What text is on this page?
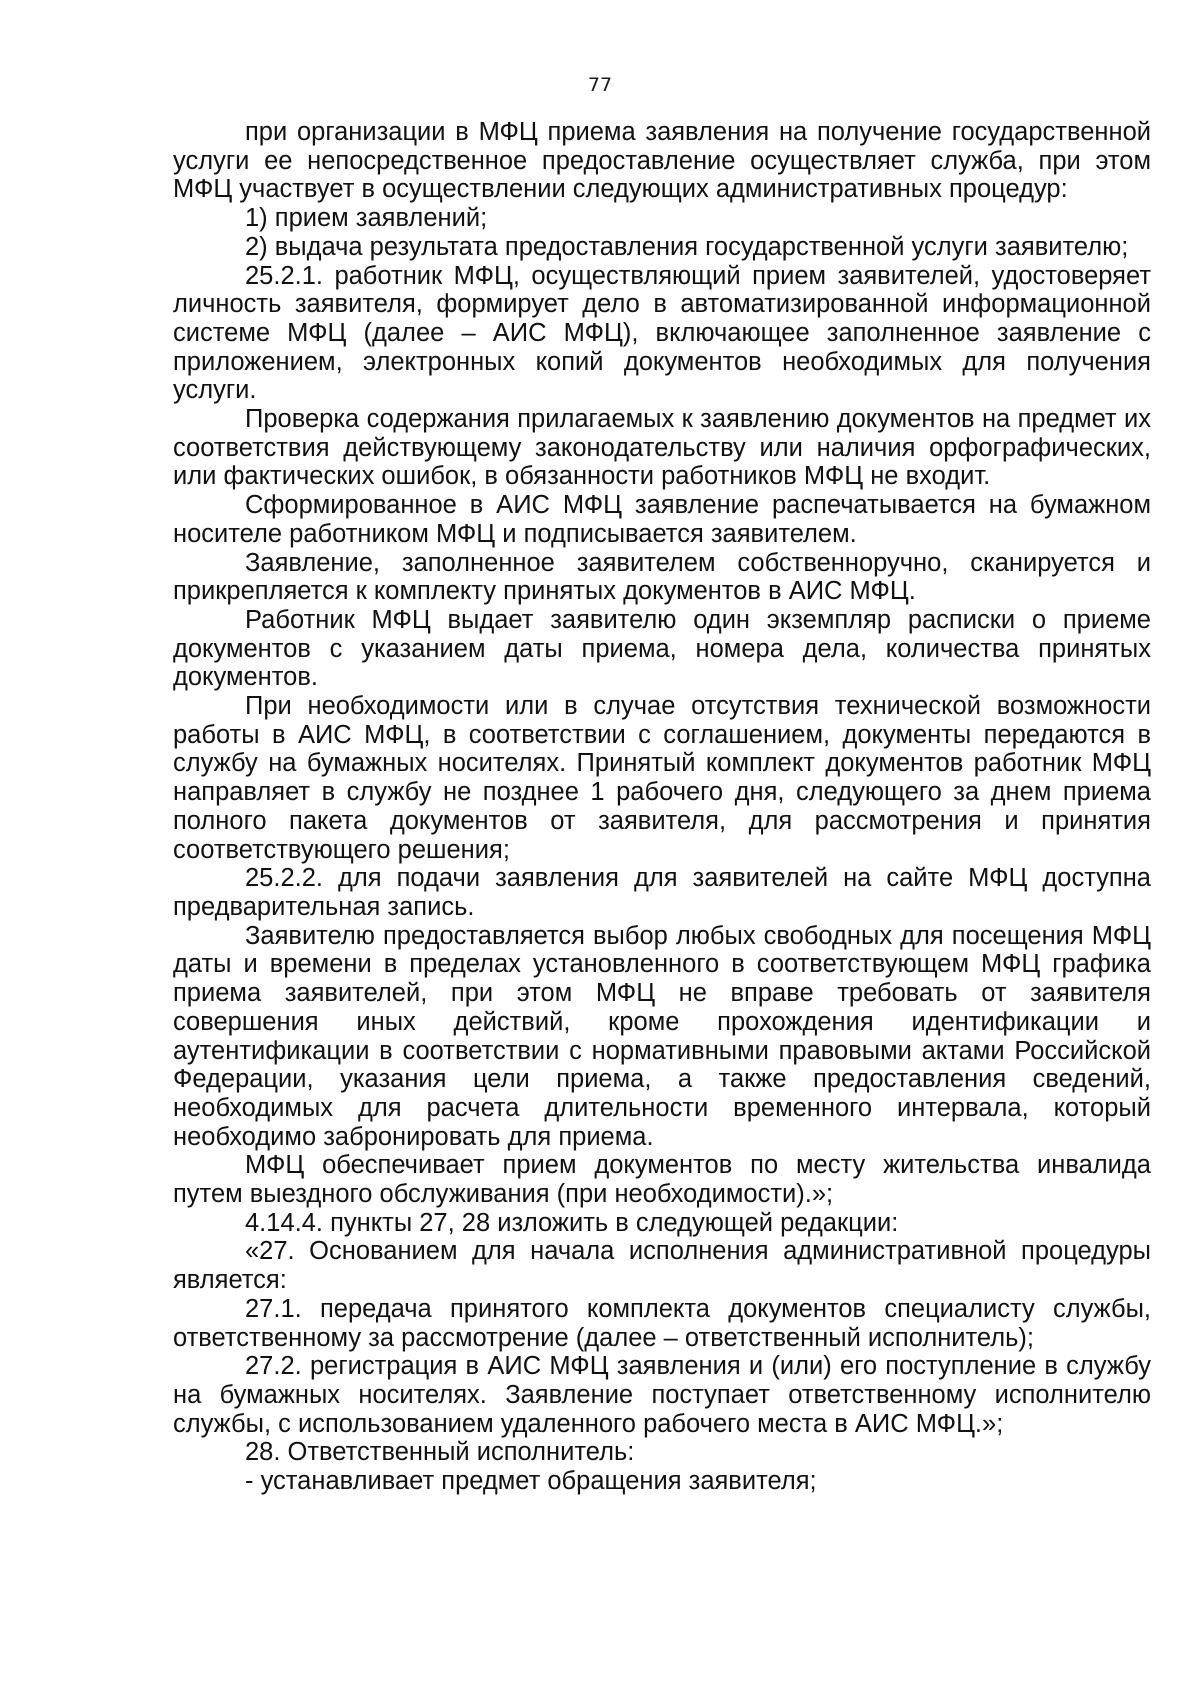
77

при организации в МФЦ приема заявления на получение государственной услуги ее непосредственное предоставление осуществляет служба, при этом МФЦ участвует в осуществлении следующих административных процедур:

1) прием заявлений;

2) выдача результата предоставления государственной услуги заявителю;

25.2.1. работник МФЦ, осуществляющий прием заявителей, удостоверяет личность заявителя, формирует дело в автоматизированной информационной системе МФЦ (далее – АИС МФЦ), включающее заполненное заявление с приложением, электронных копий документов необходимых для получения услуги.

Проверка содержания прилагаемых к заявлению документов на предмет их соответствия действующему законодательству или наличия орфографических, или фактических ошибок, в обязанности работников МФЦ не входит.

Сформированное в АИС МФЦ заявление распечатывается на бумажном носителе работником МФЦ и подписывается заявителем.

Заявление, заполненное заявителем собственноручно, сканируется и прикрепляется к комплекту принятых документов в АИС МФЦ.

Работник МФЦ выдает заявителю один экземпляр расписки о приеме документов с указанием даты приема, номера дела, количества принятых документов.

При необходимости или в случае отсутствия технической возможности работы в АИС МФЦ, в соответствии с соглашением, документы передаются в службу на бумажных носителях. Принятый комплект документов работник МФЦ направляет в службу не позднее 1 рабочего дня, следующего за днем приема полного пакета документов от заявителя, для рассмотрения и принятия соответствующего решения;

25.2.2. для подачи заявления для заявителей на сайте МФЦ доступна предварительная запись.

Заявителю предоставляется выбор любых свободных для посещения МФЦ даты и времени в пределах установленного в соответствующем МФЦ графика приема заявителей, при этом МФЦ не вправе требовать от заявителя совершения иных действий, кроме прохождения идентификации и аутентификации в соответствии с нормативными правовыми актами Российской Федерации, указания цели приема, а также предоставления сведений, необходимых для расчета длительности временного интервала, который необходимо забронировать для приема.

МФЦ обеспечивает прием документов по месту жительства инвалида путем выездного обслуживания (при необходимости).»;

4.14.4. пункты 27, 28 изложить в следующей редакции:

«27. Основанием для начала исполнения административной процедуры является:

27.1. передача принятого комплекта документов специалисту службы, ответственному за рассмотрение (далее – ответственный исполнитель);

27.2. регистрация в АИС МФЦ заявления и (или) его поступление в службу на бумажных носителях. Заявление поступает ответственному исполнителю службы, с использованием удаленного рабочего места в АИС МФЦ.»;

28. Ответственный исполнитель:

- устанавливает предмет обращения заявителя;
